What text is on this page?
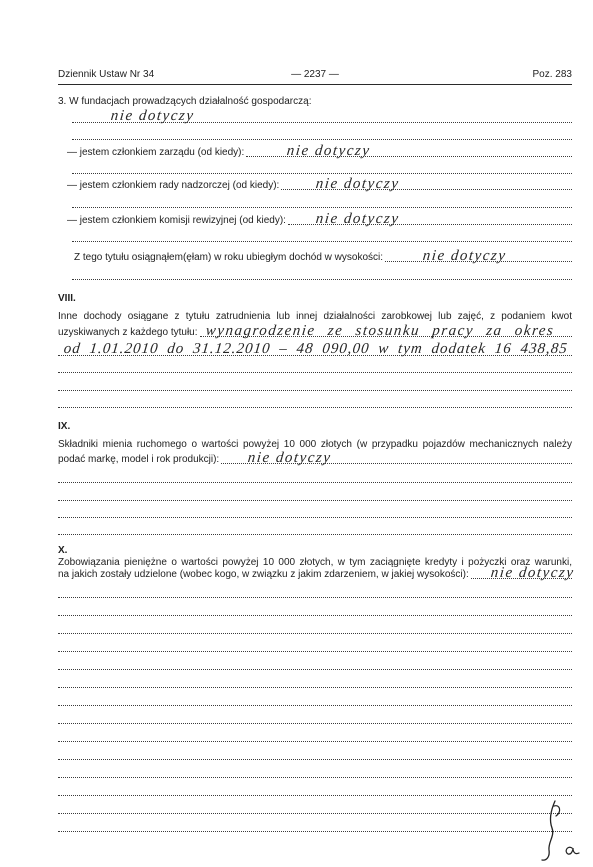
Dziennik Ustaw Nr 34	— 2237 —	Poz. 283
3. W fundacjach prowadzących działalność gospodarczą:
nie dotyczy
— jestem członkiem zarządu (od kiedy):	nie dotyczy
— jestem członkiem rady nadzorczej (od kiedy): nie dotyczy
— jestem członkiem komisji rewizyjnej (od kiedy): nie dotyczy
Z tego tytułu osiągnąłem(ęłam) w roku ubiegłym dochód w wysokości:	nie dotyczy
VIII.
Inne dochody osiągane z tytułu zatrudnienia lub innej działalności zarobkowej lub zajęć, z podaniem kwot
uzyskiwanych z każdego tytułu: wynagrodzenie ze stosunku pracy za okres
od 1.01.2010 do 31.12.2010 – 48 090,00 w tym dodatek 16 438,85
IX.
Składniki mienia ruchomego o wartości powyżej 10 000 złotych (w przypadku pojazdów mechanicznych należy
podać markę, model i rok produkcji): nie dotyczy
X.
Zobowiązania pieniężne o wartości powyżej 10 000 złotych, w tym zaciągnięte kredyty i pożyczki oraz warunki,
na jakich zostały udzielone (wobec kogo, w związku z jakim zdarzeniem, w jakiej wysokości): nie dotyczy
